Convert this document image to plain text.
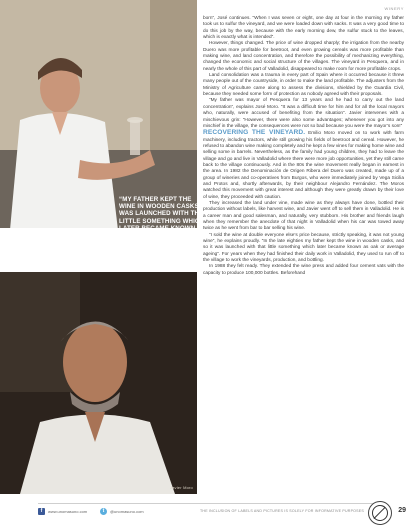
WINERY
“MY FATHER KEPT THE WINE IN WOODEN CASKS. IT WAS LAUNCHED WITH THAT LITTLE SOMETHING WHICH LATER BECAME KNOWN AS OAK OR AVERAGE AGEING”.
Javier Moro

born”, José continues. “When I was seven or eight, one day at four in the morning my father took us to sulfur the vineyard, and we were loaded down with sacks. It was a very good time to do this job by the way, because with the early morning dew, the sulfur stuck to the leaves, which is exactly what is intended”.

However, things changed. The price of wine dropped sharply; the irrigation from the nearby Duero was more profitable for beetroot, and even growing cereals was more profitable than making wine, and land concentration, and therefore the possibility of mechanizing everything, changed the economic and social structure of the villages. The vineyard in Pesquera, and in nearly the whole of this part of Valladolid, disappeared to make room for more profitable crops.

Land consolidation was a trauma in every part of Spain where it occurred because it threw many people out of the countryside, in order to make the land profitable. The adjusters from the Ministry of Agriculture came along to assess the divisions, shielded by the Guardia Civil, because they needed some form of protection as nobody agreed with their proposals.

“My father was mayor of Pesquera for 13 years and he had to carry out the land concentration”, explains José Moro. “It was a difficult time for him and for all the local mayors who, naturally, were accused of benefiting from the situation”. Javier intervenes with a mischievous grin: “However, there were also some advantages; whenever you got into any mischief in the village, the consequences were not so bad because you were the mayor’s son!”

RECOVERING THE VINEYARD. Emilio Moro moved on to work with farm machinery, including tractors, while still growing his fields of beetroot and cereal. However, he refused to abandon wine making completely and he kept a few vines for making home wine and selling some in barrels. Nevertheless, as the family had young children, they had to leave the village and go and live in Valladolid where there were more job opportunities, yet they still came back to the village continuously. And in the 80s the wine movement really began in earnest in the area. In 1982 the Denominación de Origen Ribera del Duero was created, made up of a group of wineries and co-operatives from Burgos, who were immediately joined by Vega Sicilia and Protos and, shortly afterwards, by their neighbour Alejandro Fernández. The Moros watched this movement with great interest and although they were greatly drawn by their love of wine, they proceeded with caution.

They increased the land under vine, made wine as they always have done, bottled their production without labels, like harvest wine, and Javier went off to sell them in Valladolid. He is a career man and good salesman, and naturally, very stubborn. His brother and friends laugh when they remember the anecdote of that night in Valladolid when his car was towed away twice as he went from bar to bar selling his wine.

“I sold the wine at double everyone else’s price because, strictly speaking, it was not young wine”, he explains proudly. “In the late eighties my father kept the wine in wooden casks, and so it was launched with that little something which later became known as oak or average ageing”. For years when they had finished their daily work in Valladolid, they used to run off to the village to work the vineyards, production, and bottling.

In 1988 they felt ready. They extended the wine press and added four cement vats with the capacity to produce 100,000 bottles. Beforehand

f	www.unomasuno.com	t	@unomasuno.com	THE INCLUSION OF LABELS AND PICTURES IS SOLELY FOR INFORMATIVE PURPOSES	29
